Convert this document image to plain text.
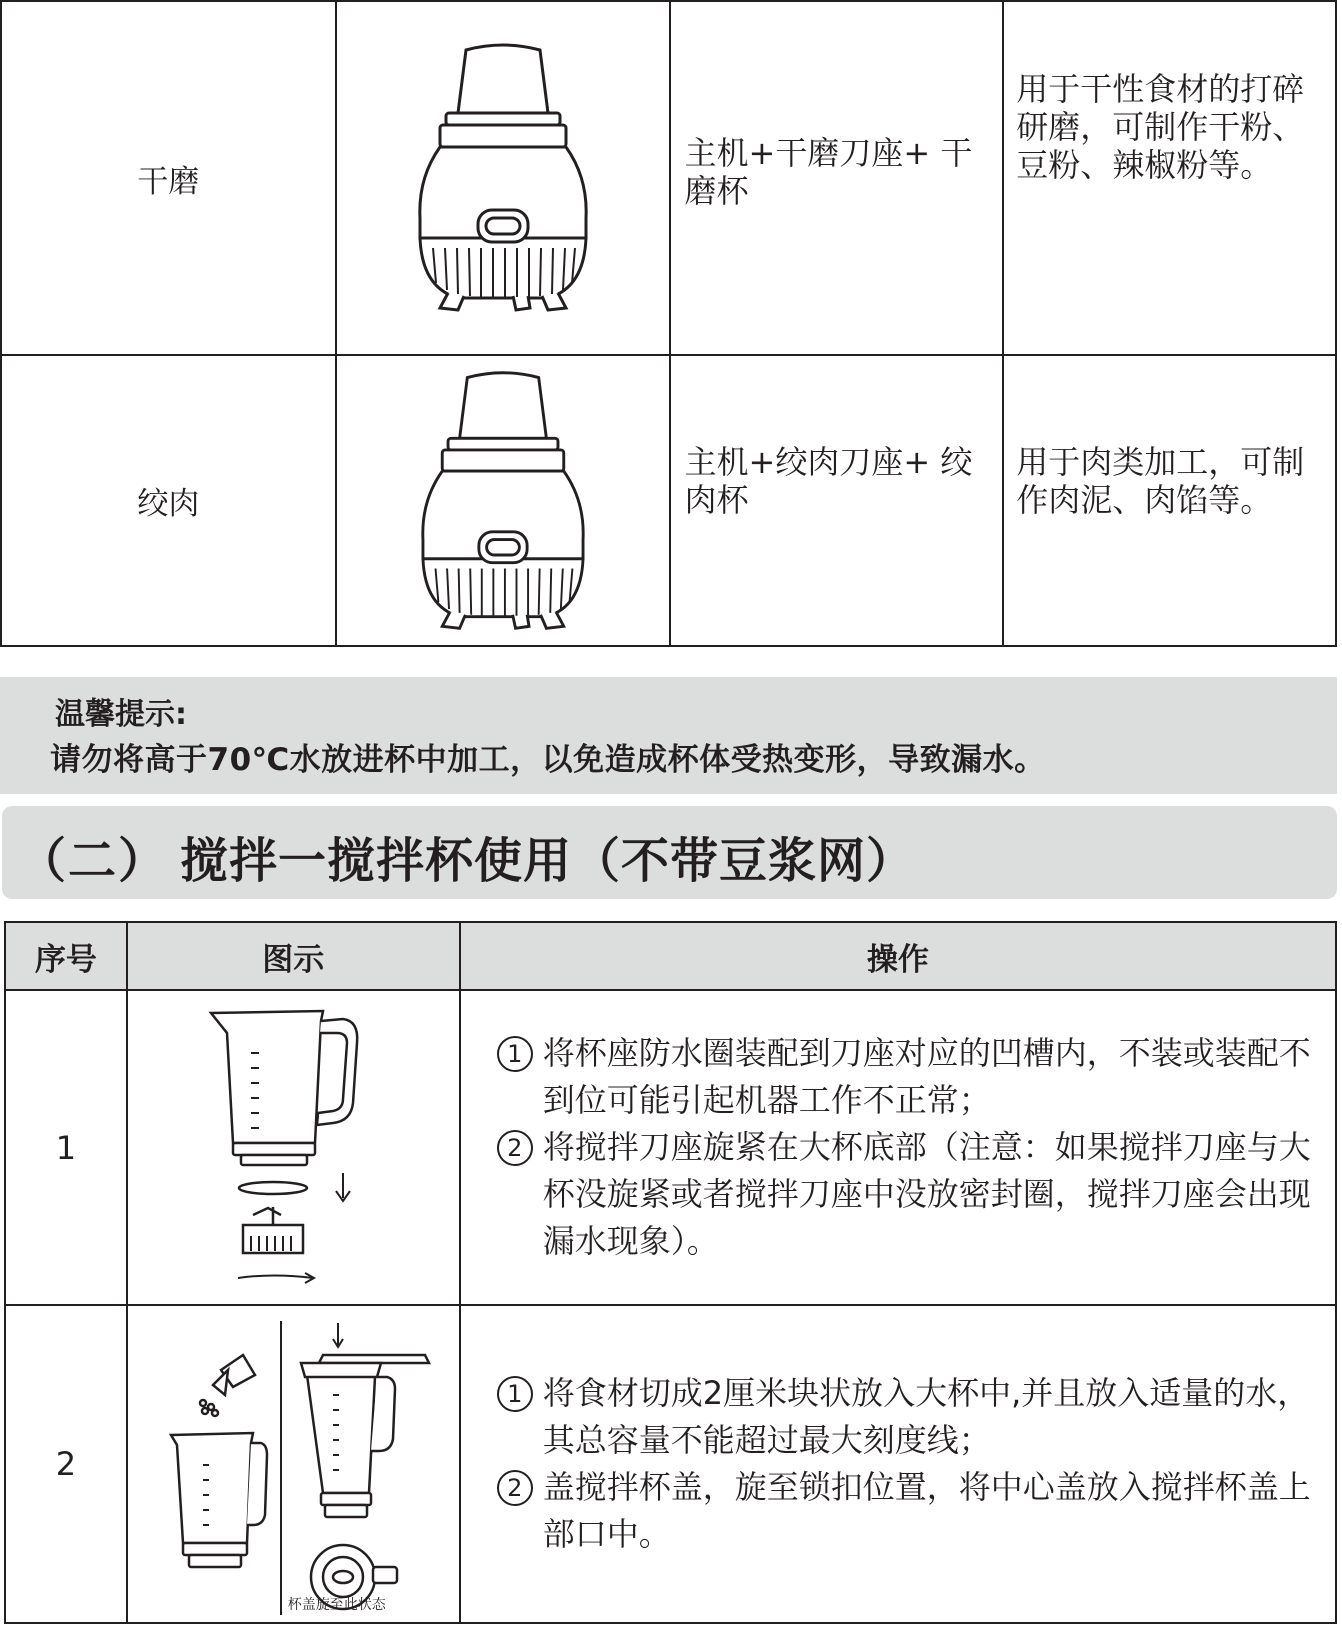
干磨		主机+干磨刀座+ 干磨杯	用于干性食材的打碎研磨，可制作干粉、豆粉、辣椒粉等。

绞肉		主机+绞肉刀座+ 绞肉杯	用于肉类加工，可制作肉泥、肉馅等。
温馨提示:
请勿将高于70℃水放进杯中加工，以免造成杯体受热变形，导致漏水。
（二） 搅拌一搅拌杯使用（不带豆浆网）
序号	图示	操作
1		1 将杯座防水圈装配到刀座对应的凹槽内，不装或装配不到位可能引起机器工作不正常；
2 将搅拌刀座旋紧在大杯底部（注意：如果搅拌刀座与大杯没旋紧或者搅拌刀座中没放密封圈，搅拌刀座会出现漏水现象）。

2	杯盖旋至此状态	1 将食材切成2厘米块状放入大杯中,并且放入适量的水，其总容量不能超过最大刻度线；
2 盖搅拌杯盖，旋至锁扣位置，将中心盖放入搅拌杯盖上部口中。
